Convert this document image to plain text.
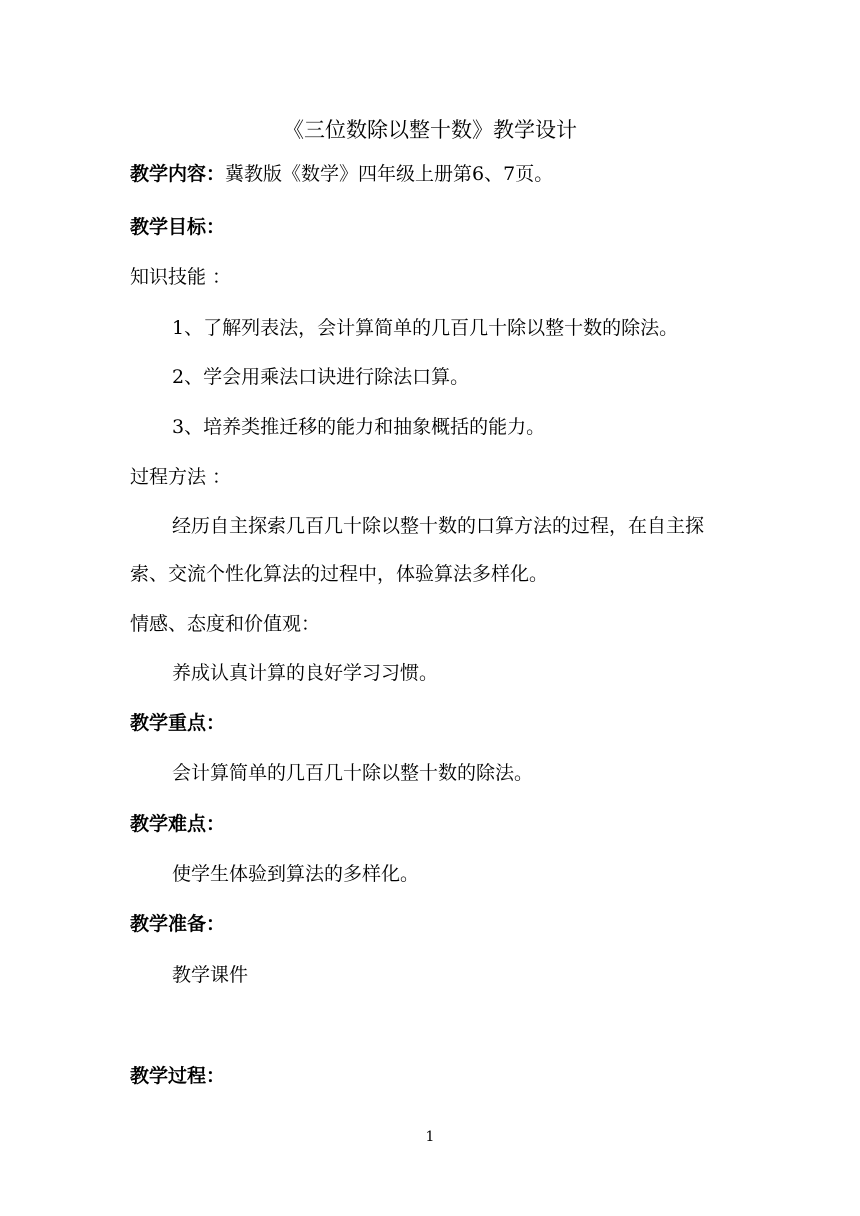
《三位数除以整十数》教学设计
教学内容：冀教版《数学》四年级上册第6、7页。
教学目标：
知识技能 ：
1、了解列表法，会计算简单的几百几十除以整十数的除法。
2、学会用乘法口诀进行除法口算。
3、培养类推迁移的能力和抽象概括的能力。
过程方法 ：
经历自主探索几百几十除以整十数的口算方法的过程，在自主探
索、交流个性化算法的过程中，体验算法多样化。
情感、态度和价值观：
养成认真计算的良好学习习惯。
教学重点：
会计算简单的几百几十除以整十数的除法。
教学难点：
使学生体验到算法的多样化。
教学准备：
教学课件
教学过程：
1
